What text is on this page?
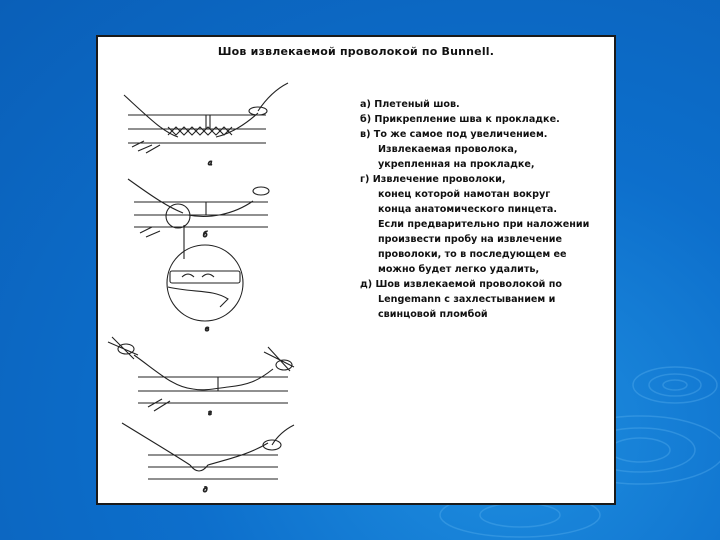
Шов извлекаемой проволокой по Bunnell.
а
б
в
г
д

а) Плетеный шов.

б) Прикрепление шва к прокладке.

в) То же самое под увеличением.

Извлекаемая проволока,

укрепленная на прокладке,

г) Извлечение проволоки,

конец которой намотан вокруг

конца анатомического пинцета.

Если предварительно при наложении

произвести пробу на извлечение

проволоки, то в последующем ее

можно будет легко удалить,

д) Шов извлекаемой проволокой по

Lengemann с захлестыванием и

свинцовой пломбой
